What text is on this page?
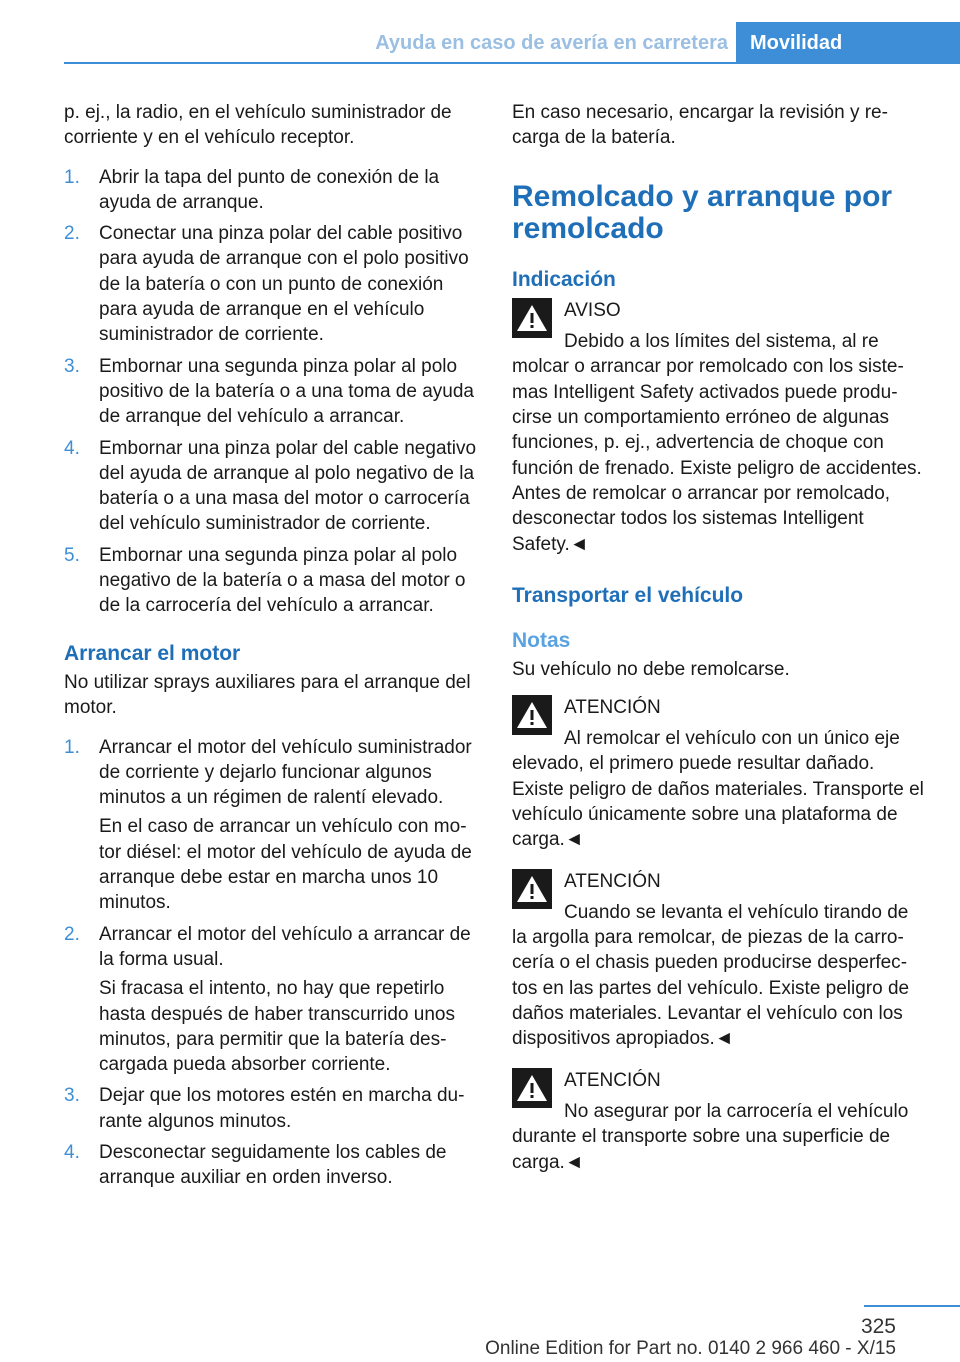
Ayuda en caso de avería en carretera	Movilidad

p. ej., la radio, en el vehículo suministrador de corriente y en el vehículo receptor.

1. Abrir la tapa del punto de conexión de la ayuda de arranque.
2. Conectar una pinza polar del cable positivo para ayuda de arranque con el polo positivo de la batería o con un punto de conexión para ayuda de arranque en el vehículo suministrador de corriente.
3. Embornar una segunda pinza polar al polo positivo de la batería o a una toma de ayuda de arranque del vehículo a arrancar.
4. Embornar una pinza polar del cable negativo del ayuda de arranque al polo negativo de la batería o a una masa del motor o carrocería del vehículo suministrador de corriente.
5. Embornar una segunda pinza polar al polo negativo de la batería o a masa del motor o de la carrocería del vehículo a arrancar.
Arrancar el motor

No utilizar sprays auxiliares para el arranque del motor.

1. Arrancar el motor del vehículo suministrador de corriente y dejarlo funcionar algunos minutos a un régimen de ralentí elevado.
En el caso de arrancar un vehículo con motor diésel: el motor del vehículo de ayuda de arranque debe estar en marcha unos 10 minutos.
2. Arrancar el motor del vehículo a arrancar de la forma usual.
Si fracasa el intento, no hay que repetirlo hasta después de haber transcurrido unos minutos, para permitir que la batería descargada pueda absorber corriente.
3. Dejar que los motores estén en marcha durante algunos minutos.
4. Desconectar seguidamente los cables de arranque auxiliar en orden inverso.

En caso necesario, encargar la revisión y recarga de la batería.

Remolcado y arranque por remolcado
Indicación
AVISO
Debido a los límites del sistema, al re
molcar o arrancar por remolcado con los sistemas Intelligent Safety activados puede producirse un comportamiento erróneo de algunas funciones, p. ej., advertencia de choque con función de frenado. Existe peligro de accidentes. Antes de remolcar o arrancar por remolcado, desconectar todos los sistemas Intelligent Safety.◄
Transportar el vehículo
Notas

Su vehículo no debe remolcarse.

ATENCIÓN
Al remolcar el vehículo con un único eje
elevado, el primero puede resultar dañado. Existe peligro de daños materiales. Transporte el vehículo únicamente sobre una plataforma de carga.◄
ATENCIÓN
Cuando se levanta el vehículo tirando de
la argolla para remolcar, de piezas de la carrocería o el chasis pueden producirse desperfectos en las partes del vehículo. Existe peligro de daños materiales. Levantar el vehículo con los dispositivos apropiados.◄
ATENCIÓN
No asegurar por la carrocería el vehículo
durante el transporte sobre una superficie de carga.◄
325
Online Edition for Part no. 0140 2 966 460 - X/15
